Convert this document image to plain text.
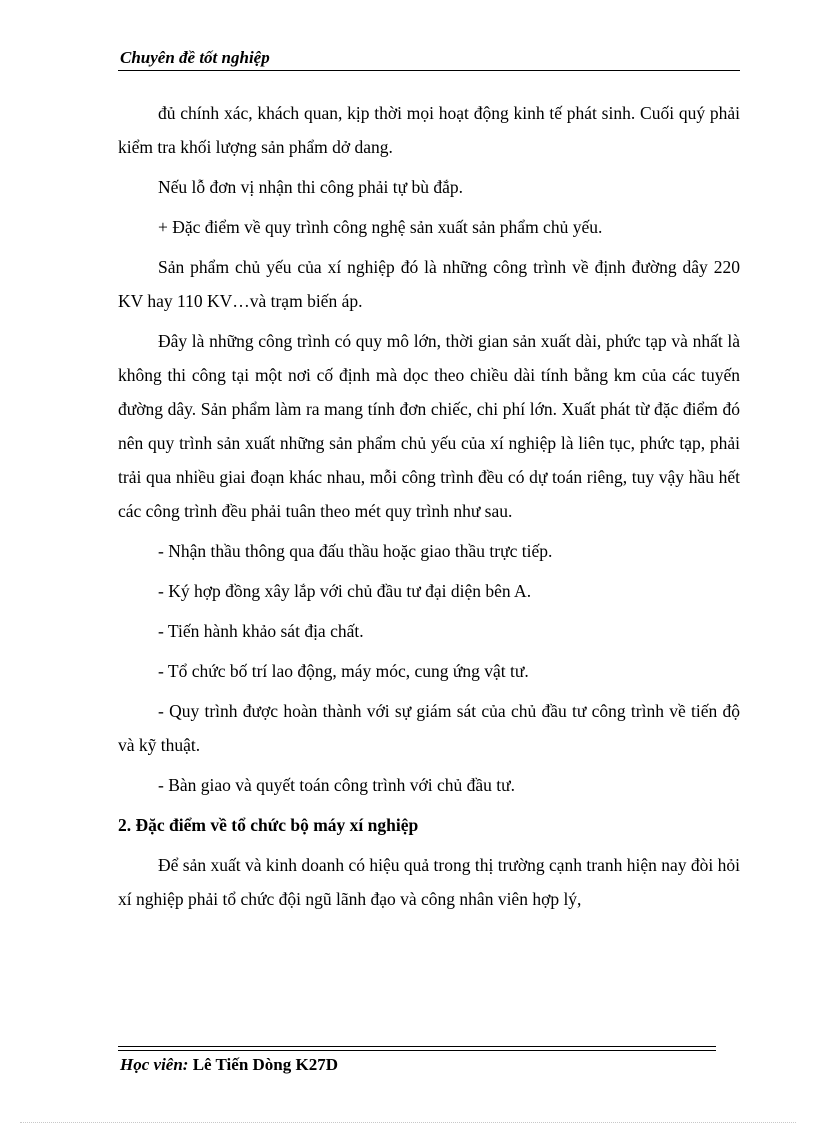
Chuyên đề tốt nghiệp

đủ chính xác, khách quan, kịp thời mọi hoạt động kinh tế phát sinh. Cuối quý phải kiểm tra khối lượng sản phẩm dở dang.

Nếu lỗ đơn vị nhận thi công phải tự bù đắp.

+ Đặc điểm về quy trình công nghệ sản xuất sản phẩm chủ yếu.

Sản phẩm chủ yếu của xí nghiệp đó là những công trình về định đường dây 220 KV hay 110 KV…và trạm biến áp.

Đây là những công trình có quy mô lớn, thời gian sản xuất dài, phức tạp và nhất là không thi công tại một nơi cố định mà dọc theo chiều dài tính bằng km của các tuyến đường dây. Sản phẩm làm ra mang tính đơn chiếc, chi phí lớn. Xuất phát từ đặc điểm đó nên quy trình sản xuất những sản phẩm chủ yếu của xí nghiệp là liên tục, phức tạp, phải trải qua nhiều giai đoạn khác nhau, mỗi công trình đều có dự toán riêng, tuy vậy hầu hết các công trình đều phải tuân theo mét quy trình như sau.

- Nhận thầu thông qua đấu thầu hoặc giao thầu trực tiếp.

- Ký hợp đồng xây lắp với chủ đầu tư đại diện bên A.

- Tiến hành khảo sát địa chất.

- Tổ chức bố trí lao động, máy móc, cung ứng vật tư.

- Quy trình được hoàn thành với sự giám sát của chủ đầu tư công trình về tiến độ và kỹ thuật.

- Bàn giao và quyết toán công trình với chủ đầu tư.

2. Đặc điểm về tổ chức bộ máy xí nghiệp

Để sản xuất và kinh doanh có hiệu quả trong thị trường cạnh tranh hiện nay đòi hỏi xí nghiệp phải tổ chức đội ngũ lãnh đạo và công nhân viên hợp lý,

Học viên: Lê Tiến Dòng K27D
